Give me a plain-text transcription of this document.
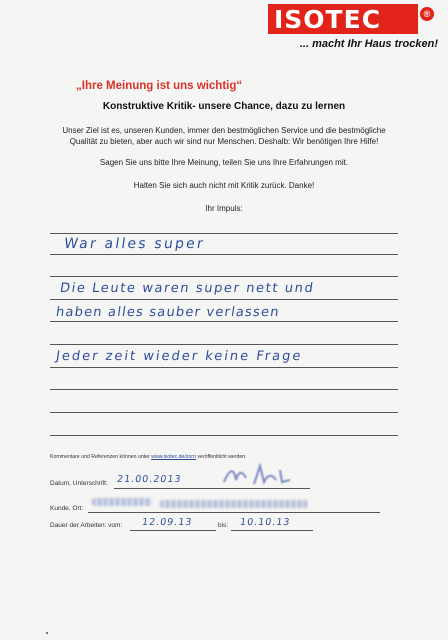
ISOTEC	®
... macht Ihr Haus trocken!
„Ihre Meinung ist uns wichtig“
Konstruktive Kritik- unsere Chance, dazu zu lernen
Unser Ziel ist es, unseren Kunden, immer den bestmöglichen Service und die bestmögliche
Qualität zu bieten, aber auch wir sind nur Menschen. Deshalb: Wir benötigen Ihre Hilfe!
Sagen Sie uns bitte Ihre Meinung, teilen Sie uns Ihre Erfahrungen mit.
Halten Sie sich auch nicht mit Kritik zurück. Danke!
Ihr Impuls:
War alles super
Die Leute waren super nett und
haben alles sauber verlassen
Jeder zeit wieder keine Frage
Kommentare und Referenzen können unter www.isotec.de/zorn veröffentlicht werden.
Datum, Unterschrift: 21.00.2013
Kunde, Ort:
Dauer der Arbeiten: vom: 12.09.13	bis: 10.10.13
